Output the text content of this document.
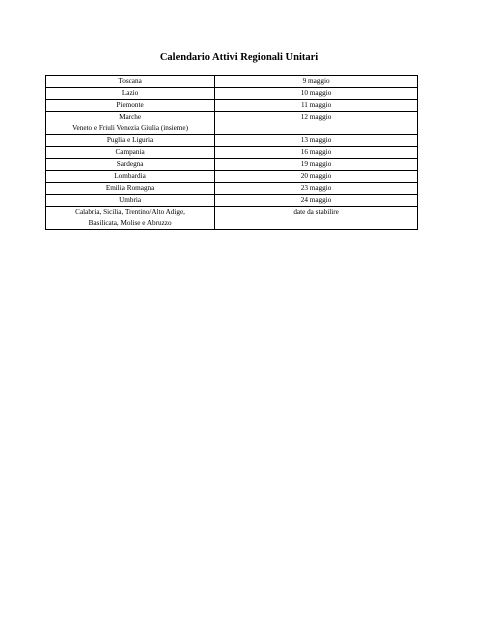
Calendario Attivi Regionali Unitari
Toscana	9 maggio

Lazio	10 maggio

Piemonte	11 maggio

Marche
Veneto e Friuli Venezia Giulia (insieme)	12 maggio

Puglia e Liguria	13 maggio

Campania	16 maggio

Sardegna	19 maggio

Lombardia	20 maggio

Emilia Romagna	23 maggio

Umbria	24 maggio

Calabria, Sicilia, Trentino/Alto Adige,
Basilicata, Molise e Abruzzo	date da stabilire
